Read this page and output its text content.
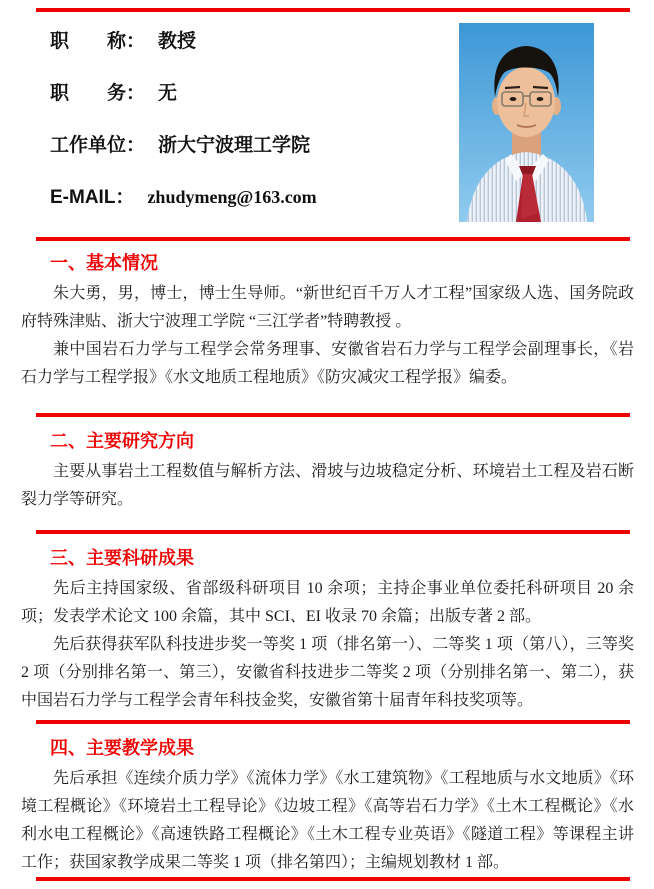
职　　称： 教授
职　　务： 无
工作单位： 浙大宁波理工学院
E-MAIL： zhudymeng@163.com
一、基本情况

朱大勇，男，博士，博士生导师。“新世纪百千万人才工程”国家级人选、国务院政府特殊津贴、浙大宁波理工学院 “三江学者”特聘教授 。

兼中国岩石力学与工程学会常务理事、安徽省岩石力学与工程学会副理事长，《岩石力学与工程学报》《水文地质工程地质》《防灾减灾工程学报》编委。

二、主要研究方向

主要从事岩土工程数值与解析方法、滑坡与边坡稳定分析、环境岩土工程及岩石断裂力学等研究。

三、主要科研成果

先后主持国家级、省部级科研项目 10 余项；主持企事业单位委托科研项目 20 余项；发表学术论文 100 余篇，其中 SCI、EI 收录 70 余篇；出版专著 2 部。

先后获得获军队科技进步奖一等奖 1 项（排名第一）、二等奖 1 项（第八），三等奖 2 项（分别排名第一、第三），安徽省科技进步二等奖 2 项（分别排名第一、第二），获中国岩石力学与工程学会青年科技金奖，安徽省第十届青年科技奖项等。

四、主要教学成果

先后承担《连续介质力学》《流体力学》《水工建筑物》《工程地质与水文地质》《环境工程概论》《环境岩土工程导论》《边坡工程》《高等岩石力学》《土木工程概论》《水利水电工程概论》《高速铁路工程概论》《土木工程专业英语》《隧道工程》等课程主讲工作；获国家教学成果二等奖 1 项（排名第四）；主编规划教材 1 部。
